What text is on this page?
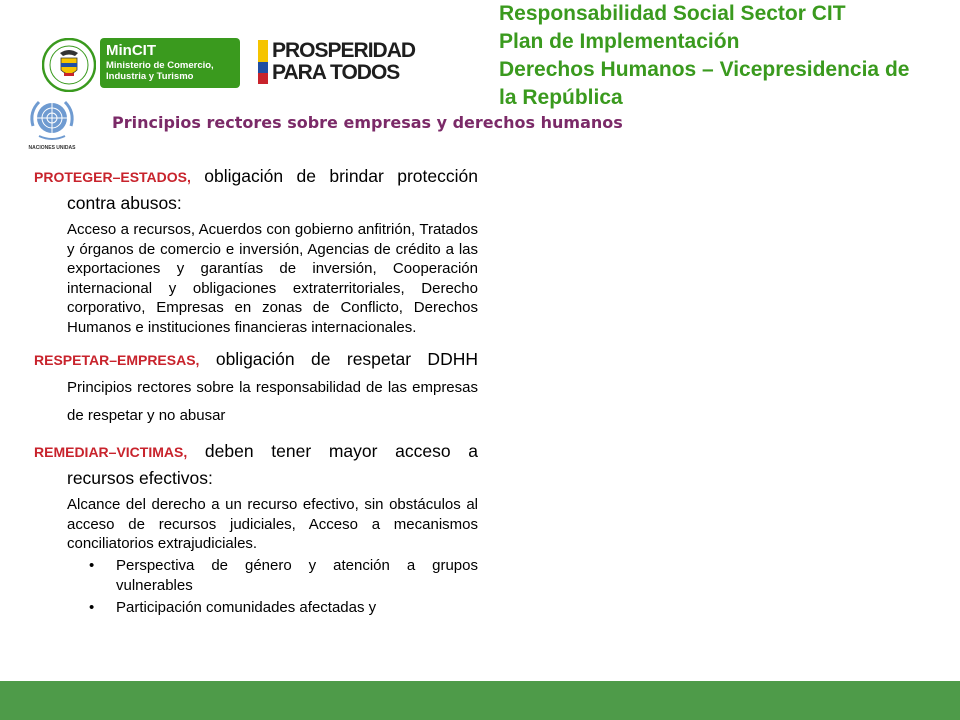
Responsabilidad Social Sector CIT
Plan de Implementación
Derechos Humanos – Vicepresidencia de
la República
MinCIT
Ministerio de Comercio,
Industria y Turismo
PROSPERIDAD
PARA TODOS
NACIONES UNIDAS
Principios rectores sobre empresas y derechos humanos

PROTEGER–ESTADOS, obligación de brindar protección contra abusos:

Acceso a recursos, Acuerdos con gobierno anfitrión, Tratados y órganos de comercio e inversión, Agencias de crédito a las exportaciones y garantías de inversión, Cooperación internacional y obligaciones extraterritoriales, Derecho corporativo, Empresas en zonas de Conflicto, Derechos Humanos e instituciones financieras internacionales.

RESPETAR–EMPRESAS, obligación de respetar DDHH Principios rectores sobre la responsabilidad de las empresas de respetar y no abusar

REMEDIAR–VICTIMAS, deben tener mayor acceso a recursos efectivos:

Alcance del derecho a un recurso efectivo, sin obstáculos al acceso de recursos judiciales, Acceso a mecanismos conciliatorios extrajudiciales.

• Perspectiva de género y atención a grupos vulnerables
• Participación comunidades afectadas y
